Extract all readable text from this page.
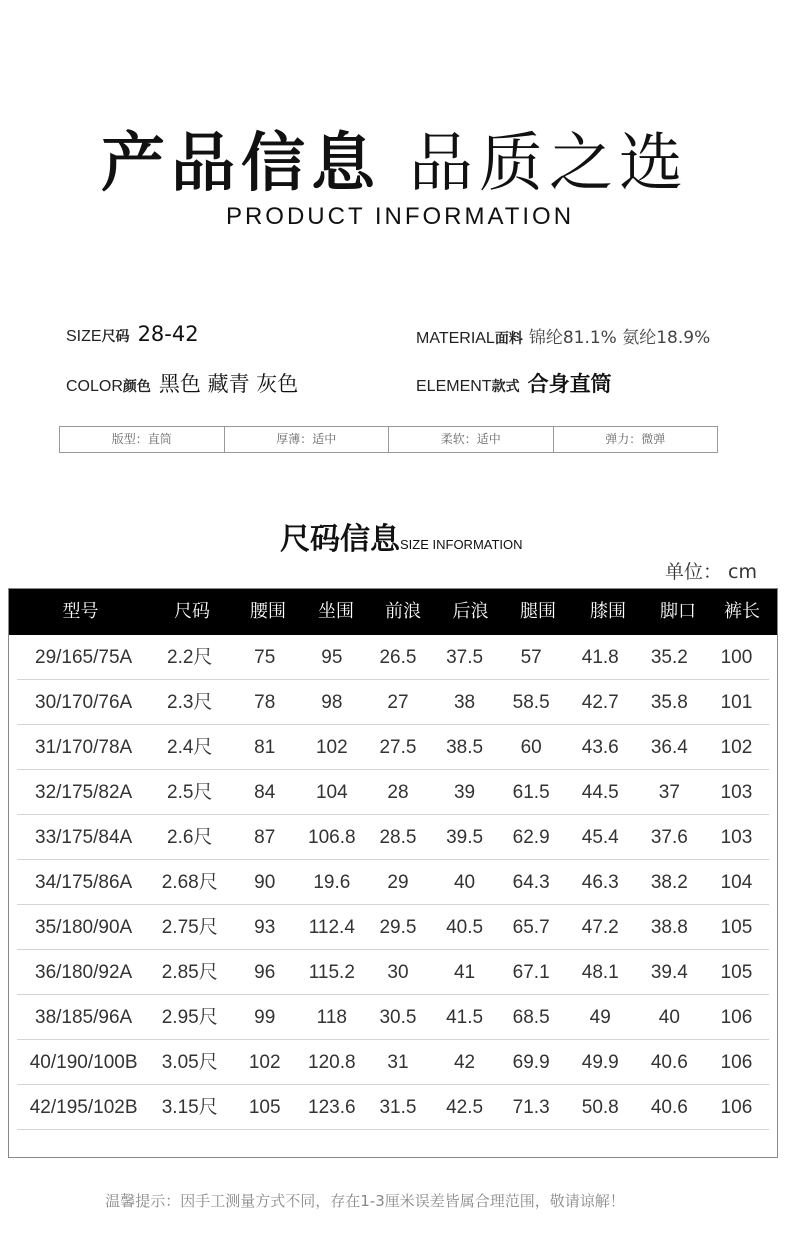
产品信息 品质之选
PRODUCT INFORMATION
SIZE尺码 28-42	MATERIAL面料 锦纶81.1% 氨纶18.9%
COLOR颜色 黑色 藏青 灰色	ELEMENT款式 合身直筒
版型：直筒	厚薄：适中	柔软：适中	弹力：微弹
尺码信息SIZE INFORMATION
单位： cm
型号	尺码	腰围	坐围	前浪	后浪	腿围	膝围	脚口	裤长
29/165/75A	2.2尺	75	95	26.5	37.5	57	41.8	35.2	100
30/170/76A	2.3尺	78	98	27	38	58.5	42.7	35.8	101
31/170/78A	2.4尺	81	102	27.5	38.5	60	43.6	36.4	102
32/175/82A	2.5尺	84	104	28	39	61.5	44.5	37	103
33/175/84A	2.6尺	87	106.8	28.5	39.5	62.9	45.4	37.6	103
34/175/86A	2.68尺	90	19.6	29	40	64.3	46.3	38.2	104
35/180/90A	2.75尺	93	112.4	29.5	40.5	65.7	47.2	38.8	105
36/180/92A	2.85尺	96	115.2	30	41	67.1	48.1	39.4	105
38/185/96A	2.95尺	99	118	30.5	41.5	68.5	49	40	106
40/190/100B	3.05尺	102	120.8	31	42	69.9	49.9	40.6	106
42/195/102B	3.15尺	105	123.6	31.5	42.5	71.3	50.8	40.6	106
温馨提示：因手工测量方式不同，存在1-3厘米误差皆属合理范围，敬请谅解！
